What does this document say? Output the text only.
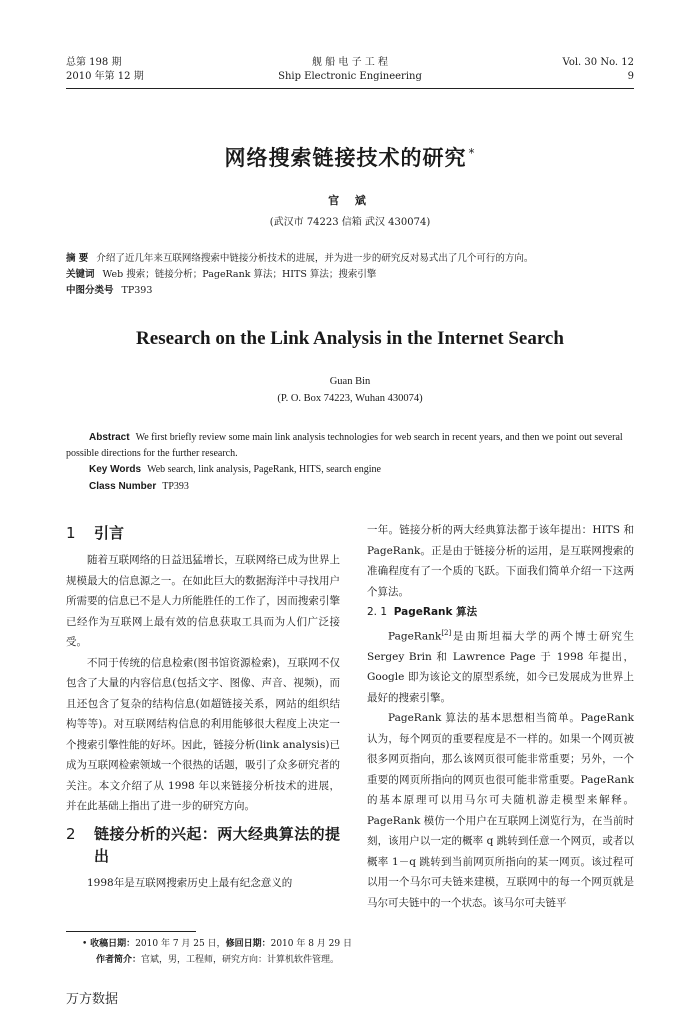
总第 198 期
2010 年第 12 期
舰 船 电 子 工 程
Ship Electronic Engineering
Vol. 30 No. 12
9
网络搜索链接技术的研究 *
官 斌
(武汉市 74223 信箱 武汉 430074)
摘 要 介绍了近几年来互联网络搜索中链接分析技术的进展，并为进一步的研究反对易式出了几个可行的方向。
关键词 Web 搜索；链接分析；PageRank 算法；HITS 算法；搜索引擎
中图分类号 TP393
Research on the Link Analysis in the Internet Search
Guan Bin
(P. O. Box 74223, Wuhan 430074)
Abstract We first briefly review some main link analysis technologies for web search in recent years, and then we point out several possible directions for the further research.
Key Words Web search, link analysis, PageRank, HITS, search engine
Class Number TP393
1	引言

随着互联网络的日益迅猛增长，互联网络已成为世界上规模最大的信息源之一。在如此巨大的数据海洋中寻找用户所需要的信息已不是人力所能胜任的工作了，因而搜索引擎已经作为互联网上最有效的信息获取工具而为人们广泛接受。

不同于传统的信息检索(图书馆资源检索)，互联网不仅包含了大量的内容信息(包括文字、图像、声音、视频)，而且还包含了复杂的结构信息(如超链接关系，网站的组织结构等等)。对互联网结构信息的利用能够很大程度上决定一个搜索引擎性能的好坏。因此，链接分析(link analysis)已成为互联网检索领域一个很热的话题，吸引了众多研究者的关注。本文介绍了从 1998 年以来链接分析技术的进展，并在此基础上指出了进一步的研究方向。

2	链接分析的兴起：两大经典算法的提出

1998年是互联网搜索历史上最有纪念意义的

一年。链接分析的两大经典算法都于该年提出：HITS 和 PageRank。正是由于链接分析的运用，是互联网搜索的准确程度有了一个质的飞跃。下面我们简单介绍一下这两个算法。

2. 1 PageRank 算法

PageRank[2]是由斯坦福大学的两个博士研究生 Sergey Brin 和 Lawrence Page 于 1998 年提出，Google 即为该论文的原型系统，如今已发展成为世界上最好的搜索引擎。

PageRank 算法的基本思想相当简单。PageRank 认为，每个网页的重要程度是不一样的。如果一个网页被很多网页指向，那么该网页很可能非常重要；另外，一个重要的网页所指向的网页也很可能非常重要。PageRank 的基本原理可以用马尔可夫随机游走模型来解释。PageRank 模仿一个用户在互联网上浏览行为，在当前时刻，该用户以一定的概率 q 跳转到任意一个网页，或者以概率 1－q 跳转到当前网页所指向的某一网页。该过程可以用一个马尔可夫链来建模，互联网中的每一个网页就是马尔可夫链中的一个状态。该马尔可夫链平

• 收稿日期：2010 年 7 月 25 日，修回日期：2010 年 8 月 29 日
作者简介：官斌，男，工程师，研究方向：计算机软件管理。
万方数据
